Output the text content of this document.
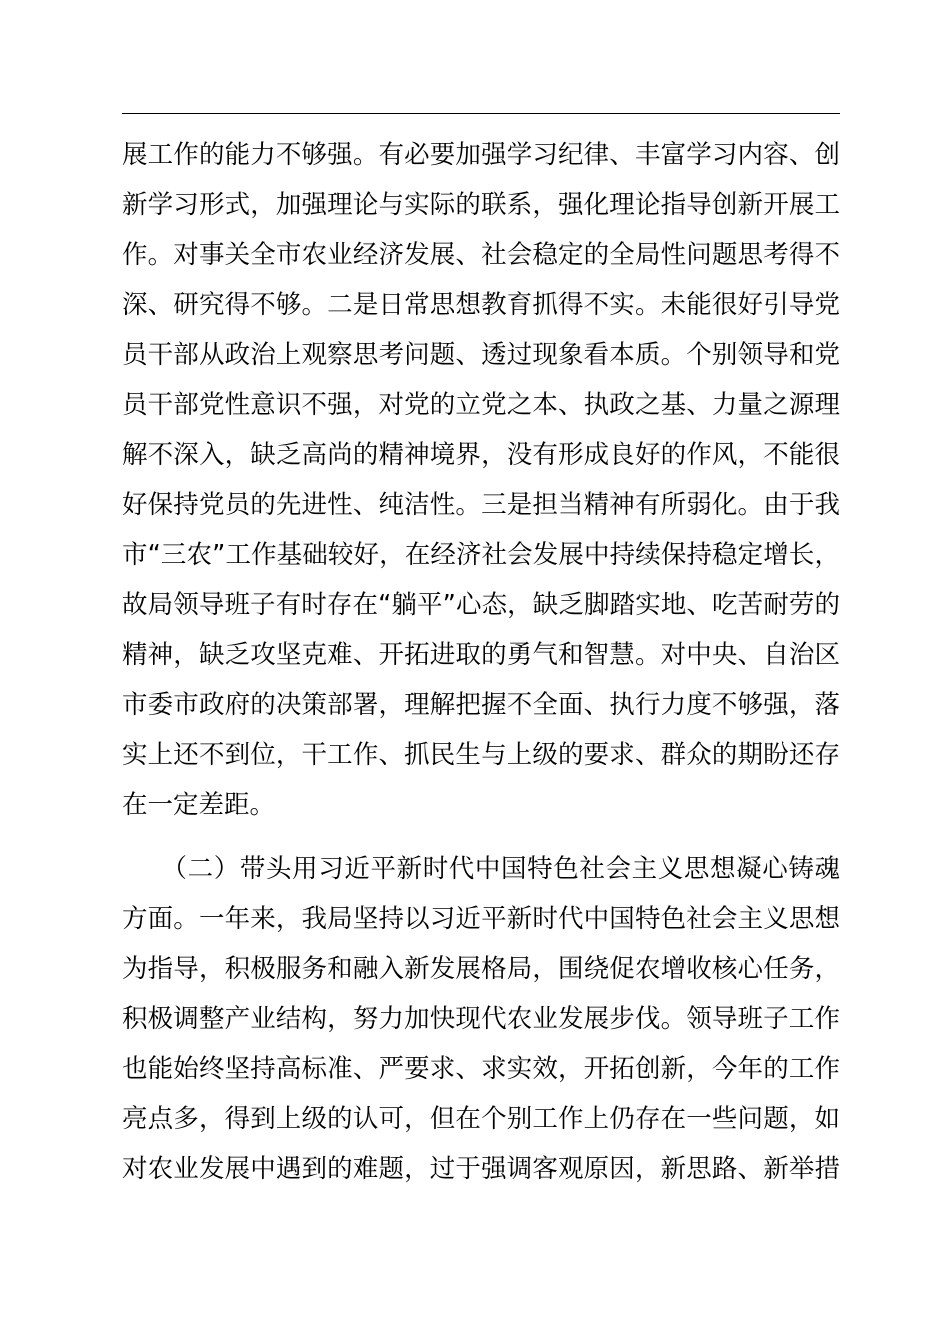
展工作的能力不够强。有必要加强学习纪律、丰富学习内容、创
新学习形式，加强理论与实际的联系，强化理论指导创新开展工
作。对事关全市农业经济发展、社会稳定的全局性问题思考得不
深、研究得不够。二是日常思想教育抓得不实。未能很好引导党
员干部从政治上观察思考问题、透过现象看本质。个别领导和党
员干部党性意识不强，对党的立党之本、执政之基、力量之源理
解不深入，缺乏高尚的精神境界，没有形成良好的作风，不能很
好保持党员的先进性、纯洁性。三是担当精神有所弱化。由于我
市“三农”工作基础较好，在经济社会发展中持续保持稳定增长，
故局领导班子有时存在“躺平”心态，缺乏脚踏实地、吃苦耐劳的
精神，缺乏攻坚克难、开拓进取的勇气和智慧。对中央、自治区
市委市政府的决策部署，理解把握不全面、执行力度不够强，落
实上还不到位，干工作、抓民生与上级的要求、群众的期盼还存
在一定差距。
　　（二）带头用习近平新时代中国特色社会主义思想凝心铸魂
方面。一年来，我局坚持以习近平新时代中国特色社会主义思想
为指导，积极服务和融入新发展格局，围绕促农增收核心任务，
积极调整产业结构，努力加快现代农业发展步伐。领导班子工作
也能始终坚持高标准、严要求、求实效，开拓创新，今年的工作
亮点多，得到上级的认可，但在个别工作上仍存在一些问题，如
对农业发展中遇到的难题，过于强调客观原因，新思路、新举措
